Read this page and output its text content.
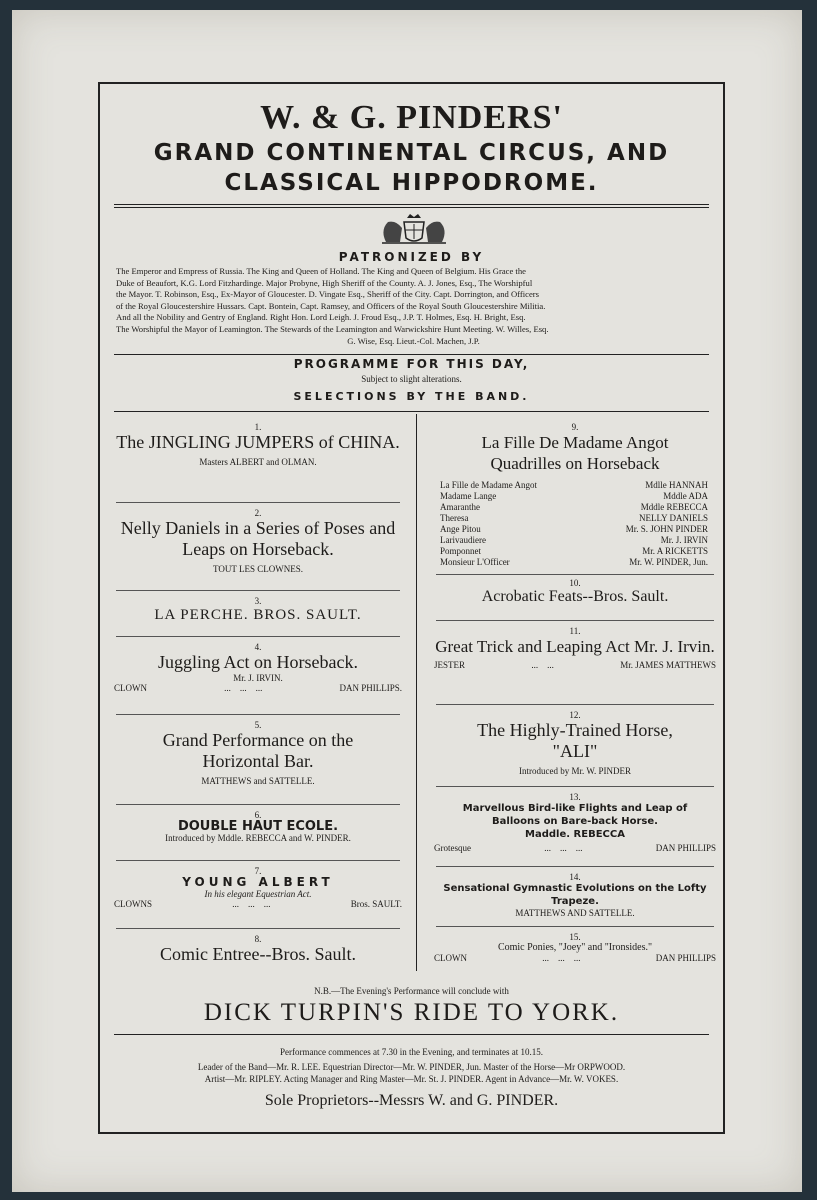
W. & G. PINDERS'
GRAND CONTINENTAL CIRCUS, AND
CLASSICAL HIPPODROME.
PATRONIZED BY
The Emperor and Empress of Russia. The King and Queen of Holland. The King and Queen of Belgium. His Grace the
Duke of Beaufort, K.G. Lord Fitzhardinge. Major Probyne, High Sheriff of the County. A. J. Jones, Esq., The Worshipful
the Mayor. T. Robinson, Esq., Ex-Mayor of Gloucester. D. Vingate Esq., Sheriff of the City. Capt. Dorrington, and Officers
of the Royal Gloucestershire Hussars. Capt. Bontein, Capt. Ramsey, and Officers of the Royal South Gloucestershire Militia.
And all the Nobility and Gentry of England. Right Hon. Lord Leigh. J. Froud Esq., J.P. T. Holmes, Esq. H. Bright, Esq.
The Worshipful the Mayor of Leamington. The Stewards of the Leamington and Warwickshire Hunt Meeting. W. Willes, Esq.
G. Wise, Esq. Lieut.-Col. Machen, J.P.
PROGRAMME FOR THIS DAY,
Subject to slight alterations.
SELECTIONS BY THE BAND.
1.
The JINGLING JUMPERS of CHINA.
Masters ALBERT and OLMAN.
2.
Nelly Daniels in a Series of Poses and Leaps on Horseback.
TOUT LES CLOWNES.
3.
LA PERCHE. BROS. SAULT.
4.
Juggling Act on Horseback.
Mr. J. IRVIN.
CLOWN	...    ...    ...	DAN PHILLIPS.
5.
Grand Performance on the Horizontal Bar.
MATTHEWS and SATTELLE.
6.
DOUBLE HAUT ECOLE.
Introduced by Mddle. REBECCA and W. PINDER.
7.
YOUNG ALBERT
In his elegant Equestrian Act.
CLOWNS	...    ...    ...	Bros. SAULT.
8.
Comic Entree--Bros. Sault.
9.
La Fille De Madame Angot Quadrilles on Horseback
La Fille de Madame Angot	Mdlle HANNAH
Madame Lange	Mddle ADA
Amaranthe	Mddle REBECCA
Theresa	NELLY DANIELS
Ange Pitou	Mr. S. JOHN PINDER
Larivaudiere	Mr. J. IRVIN
Pomponnet	Mr. A RICKETTS
Monsieur L'Officer	Mr. W. PINDER, Jun.
10.
Acrobatic Feats--Bros. Sault.
11.
Great Trick and Leaping Act Mr. J. Irvin.
JESTER	...    ...	Mr. JAMES MATTHEWS
12.
The Highly-Trained Horse, "ALI"
Introduced by Mr. W. PINDER
13.
Marvellous Bird-like Flights and Leap of Balloons on Bare-back Horse.
Maddle. REBECCA
Grotesque	...    ...    ...	DAN PHILLIPS
14.
Sensational Gymnastic Evolutions on the Lofty Trapeze.
MATTHEWS AND SATTELLE.
15.
Comic Ponies, "Joey" and "Ironsides."
CLOWN	...    ...    ...	DAN PHILLIPS
N.B.—The Evening's Performance will conclude with
DICK TURPIN'S RIDE TO YORK.
Performance commences at 7.30 in the Evening, and terminates at 10.15.
Leader of the Band—Mr. R. LEE. Equestrian Director—Mr. W. PINDER, Jun. Master of the Horse—Mr ORPWOOD.
Artist—Mr. RIPLEY. Acting Manager and Ring Master—Mr. St. J. PINDER. Agent in Advance—Mr. W. VOKES.
Sole Proprietors--Messrs W. and G. PINDER.
